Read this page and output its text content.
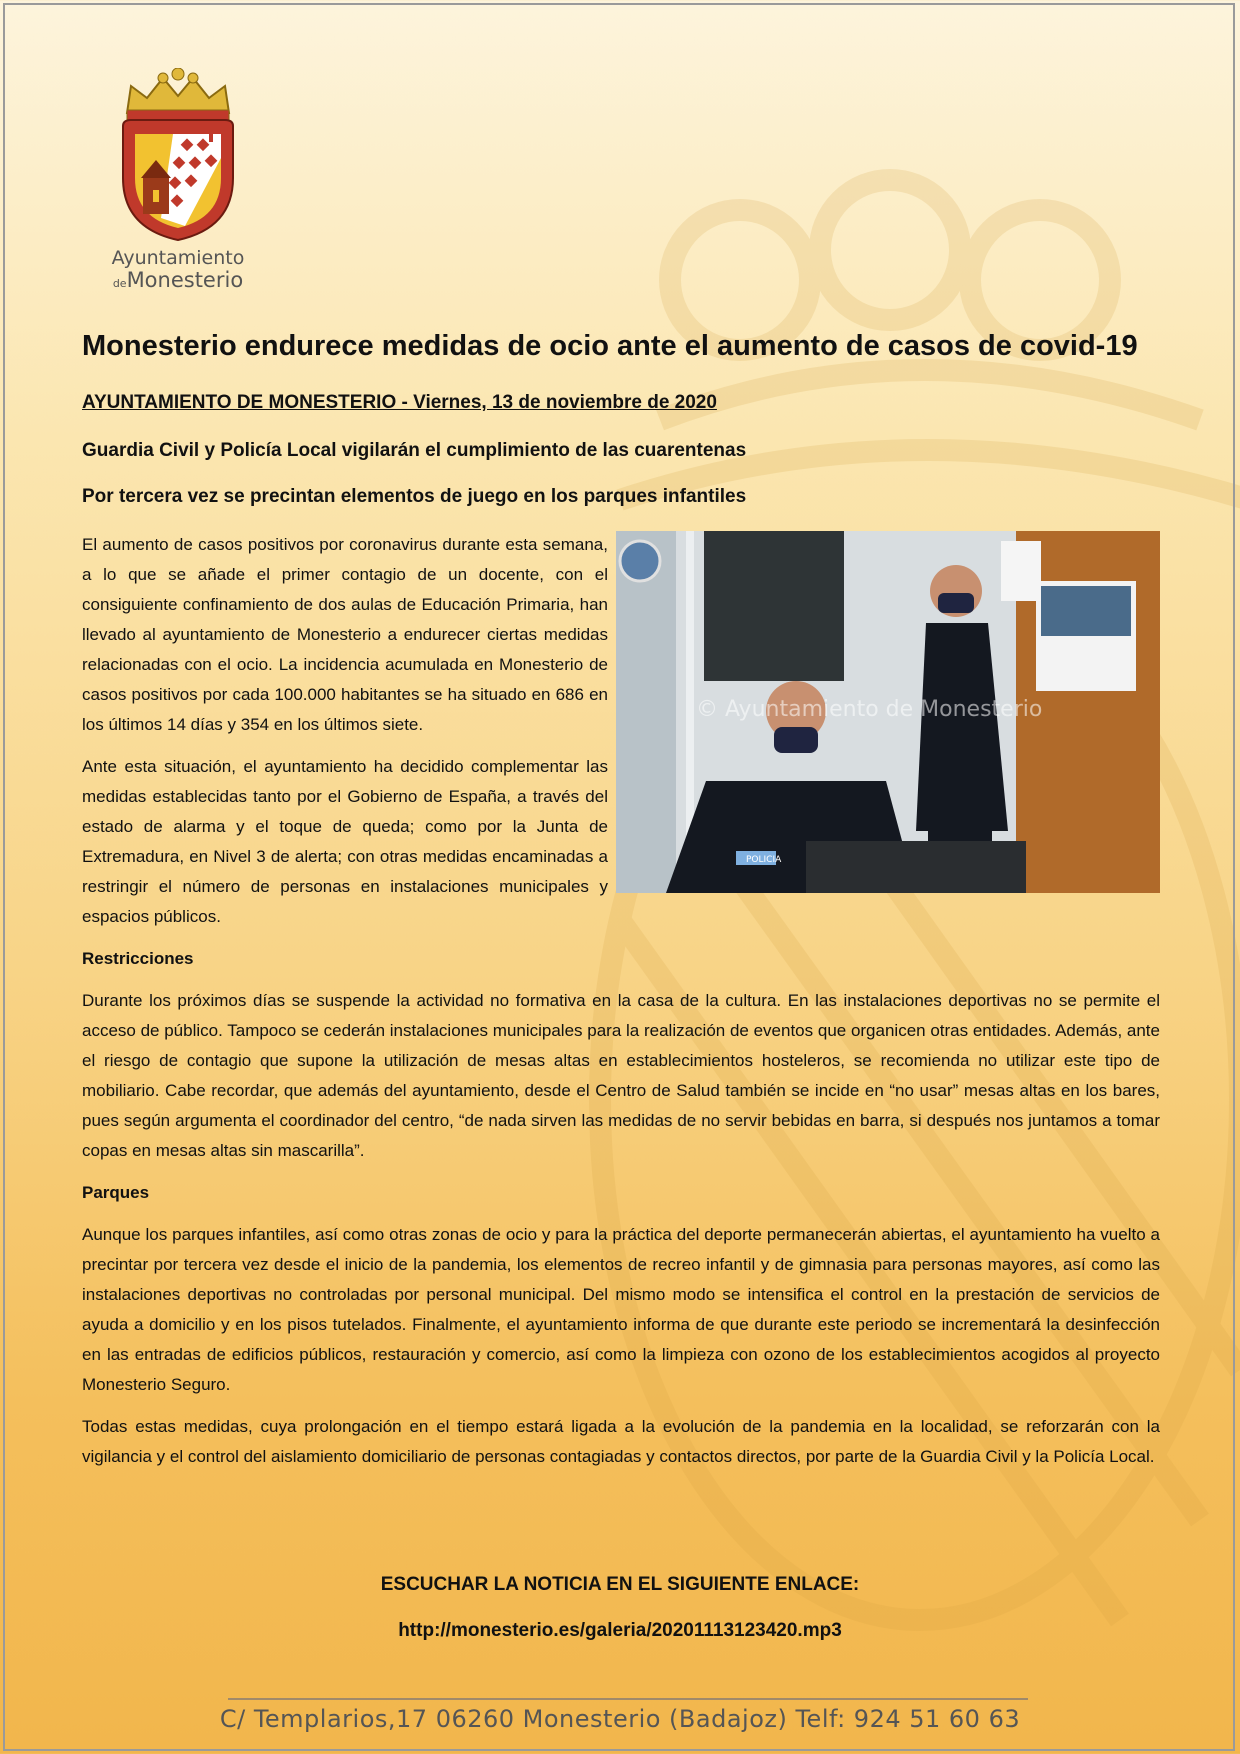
Ayuntamiento
deMonesterio
Monesterio endurece medidas de ocio ante el aumento de casos de covid-19

AYUNTAMIENTO DE MONESTERIO - Viernes, 13 de noviembre de 2020

Guardia Civil y Policía Local vigilarán el cumplimiento de las cuarentenas

Por tercera vez se precintan elementos de juego en los parques infantiles

POLICIA
© Ayuntamiento de Monesterio

El aumento de casos positivos por coronavirus durante esta semana, a lo que se añade el primer contagio de un docente, con el consiguiente confinamiento de dos aulas de Educación Primaria, han llevado al ayuntamiento de Monesterio a endurecer ciertas medidas relacionadas con el ocio. La incidencia acumulada en Monesterio de casos positivos por cada 100.000 habitantes se ha situado en 686 en los últimos 14 días y 354 en los últimos siete.

Ante esta situación, el ayuntamiento ha decidido complementar las medidas establecidas tanto por el Gobierno de España, a través del estado de alarma y el toque de queda; como por la Junta de Extremadura, en Nivel 3 de alerta; con otras medidas encaminadas a restringir el número de personas en instalaciones municipales y espacios públicos.

Restricciones

Durante los próximos días se suspende la actividad no formativa en la casa de la cultura. En las instalaciones deportivas no se permite el acceso de público. Tampoco se cederán instalaciones municipales para la realización de eventos que organicen otras entidades. Además, ante el riesgo de contagio que supone la utilización de mesas altas en establecimientos hosteleros, se recomienda no utilizar este tipo de mobiliario. Cabe recordar, que además del ayuntamiento, desde el Centro de Salud también se incide en “no usar” mesas altas en los bares, pues según argumenta el coordinador del centro, “de nada sirven las medidas de no servir bebidas en barra, si después nos juntamos a tomar copas en mesas altas sin mascarilla”.

Parques

Aunque los parques infantiles, así como otras zonas de ocio y para la práctica del deporte permanecerán abiertas, el ayuntamiento ha vuelto a precintar por tercera vez desde el inicio de la pandemia, los elementos de recreo infantil y de gimnasia para personas mayores, así como las instalaciones deportivas no controladas por personal municipal. Del mismo modo se intensifica el control en la prestación de servicios de ayuda a domicilio y en los pisos tutelados. Finalmente, el ayuntamiento informa de que durante este periodo se incrementará la desinfección en las entradas de edificios públicos, restauración y comercio, así como la limpieza con ozono de los establecimientos acogidos al proyecto Monesterio Seguro.

Todas estas medidas, cuya prolongación en el tiempo estará ligada a la evolución de la pandemia en la localidad, se reforzarán con la vigilancia y el control del aislamiento domiciliario de personas contagiadas y contactos directos, por parte de la Guardia Civil y la Policía Local.

ESCUCHAR LA NOTICIA EN EL SIGUIENTE ENLACE:

http://monesterio.es/galeria/20201113123420.mp3
C/ Templarios,17 06260 Monesterio (Badajoz) Telf: 924 51 60 63
